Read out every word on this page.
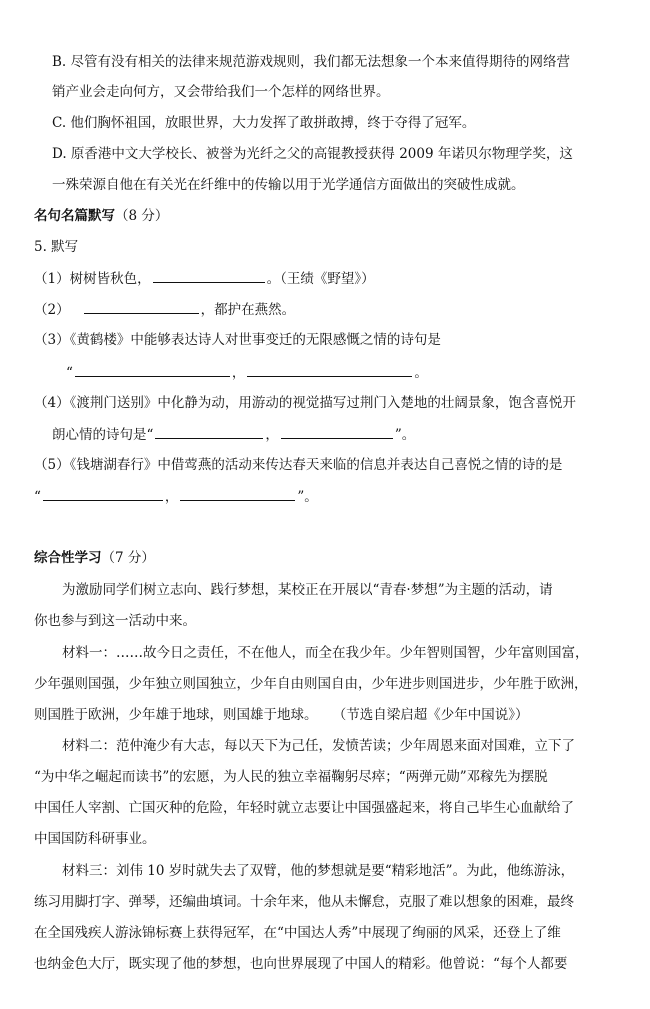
B. 尽管有没有相关的法律来规范游戏规则，我们都无法想象一个本来值得期待的网络营
销产业会走向何方，又会带给我们一个怎样的网络世界。
C. 他们胸怀祖国，放眼世界，大力发挥了敢拼敢搏，终于夺得了冠军。
D. 原香港中文大学校长、被誉为光纤之父的高锟教授获得 2009 年诺贝尔物理学奖，这
一殊荣源自他在有关光在纤维中的传输以用于光学通信方面做出的突破性成就。
名句名篇默写（8 分）
5. 默写
（1）树树皆秋色，	。（王绩《野望》）
（2）	，都护在燕然。
（3）《黄鹤楼》中能够表达诗人对世事变迁的无限感慨之情的诗句是
“	，	。
（4）《渡荆门送别》中化静为动，用游动的视觉描写过荆门入楚地的壮阔景象，饱含喜悦开
朗心情的诗句是“	，	”。
（5）《钱塘湖春行》中借莺燕的活动来传达春天来临的信息并表达自己喜悦之情的诗的是
“	，	”。
综合性学习（7 分）
为激励同学们树立志向、践行梦想，某校正在开展以“青春·梦想”为主题的活动，请
你也参与到这一活动中来。
材料一：……故今日之责任，不在他人，而全在我少年。少年智则国智，少年富则国富，
少年强则国强，少年独立则国独立，少年自由则国自由，少年进步则国进步，少年胜于欧洲，
则国胜于欧洲，少年雄于地球，则国雄于地球。 （节选自梁启超《少年中国说》）
材料二：范仲淹少有大志，每以天下为己任，发愤苦读；少年周恩来面对国难，立下了
“为中华之崛起而读书”的宏愿，为人民的独立幸福鞠躬尽瘁；“两弹元勋”邓稼先为摆脱
中国任人宰割、亡国灭种的危险，年轻时就立志要让中国强盛起来，将自己毕生心血献给了
中国国防科研事业。
材料三：刘伟 10 岁时就失去了双臂，他的梦想就是要“精彩地活”。为此，他练游泳，
练习用脚打字、弹琴，还编曲填词。十余年来，他从未懈怠，克服了难以想象的困难，最终
在全国残疾人游泳锦标赛上获得冠军，在“中国达人秀”中展现了绚丽的风采，还登上了维
也纳金色大厅，既实现了他的梦想，也向世界展现了中国人的精彩。他曾说：“每个人都要
